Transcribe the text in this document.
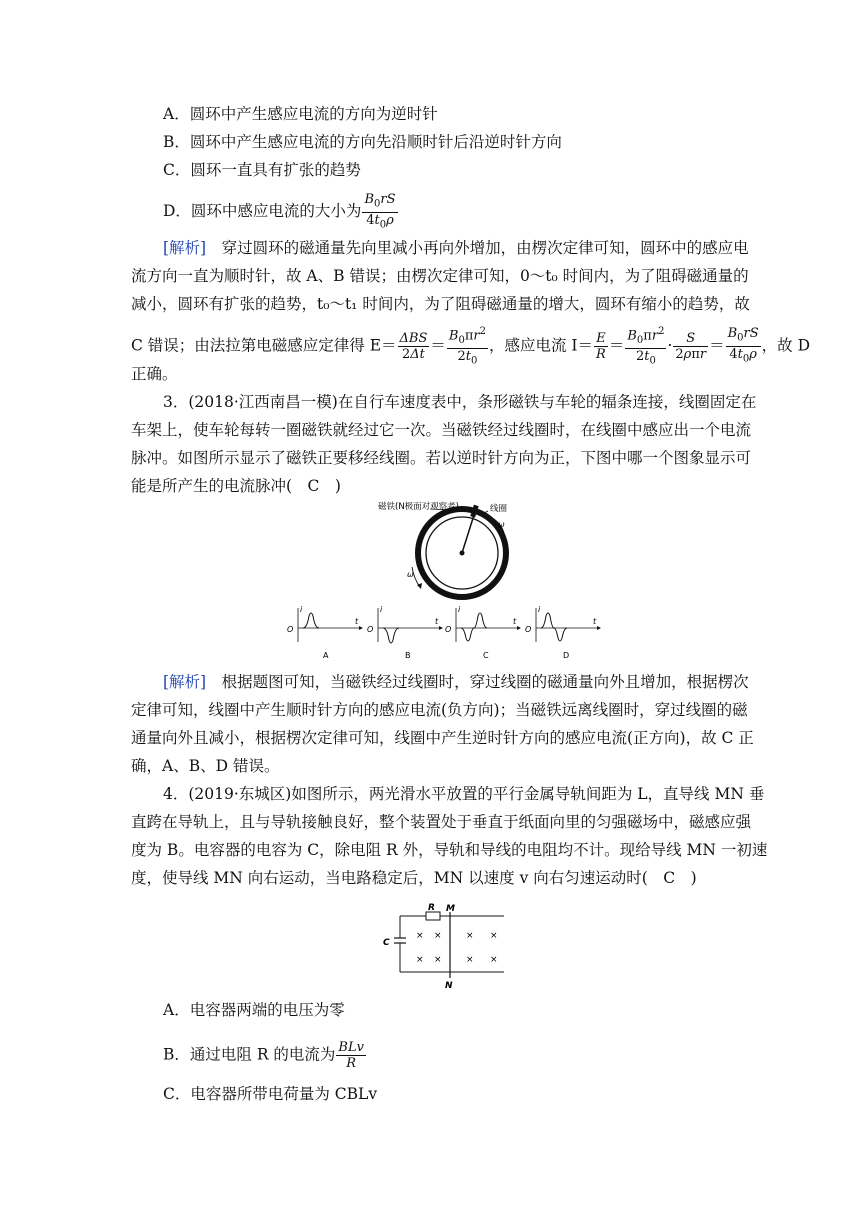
A．圆环中产生感应电流的方向为逆时针
B．圆环中产生感应电流的方向先沿顺时针后沿逆时针方向
C．圆环一直具有扩张的趋势
D．圆环中感应电流的大小为 $\frac{B_0rS}{4t_0\rho}$
[解析]　穿过圆环的磁通量先向里减小再向外增加，由楞次定律可知，圆环中的感应电
流方向一直为顺时针，故 A、B 错误；由楞次定律可知，0～t₀ 时间内，为了阻碍磁通量的
减小，圆环有扩张的趋势，t₀～t₁ 时间内，为了阻碍磁通量的增大，圆环有缩小的趋势，故
C 错误；由法拉第电磁感应定律得 $E= \frac{\text{ΔBS}}{2\Delta t} = \frac{B_0\pi r^2}{2t_0}$ ，感应电流 $I= \frac{E}{R} = \frac{B_0\pi r^2}{2t_0} \cdot \frac{S}{\text{2ρπr}} = \frac{B_0rS}{4t_0\rho}$ ，故 D
正确。
3．(2018·江西南昌一模)在自行车速度表中，条形磁铁与车轮的辐条连接，线圈固定在
车架上，使车轮每转一圈磁铁就经过它一次。当磁铁经过线圈时，在线圈中感应出一个电流
脉冲。如图所示显示了磁铁正要移经线圈。若以逆时针方向为正，下图中哪一个图象显示可
能是所产生的电流脉冲(　C　)
磁铁(N极面对观察者)	线圈
ω
ω
O
i
t
A
O
i
t
B
O
i
t
C
O
i
t
D
[解析]　根据题图可知，当磁铁经过线圈时，穿过线圈的磁通量向外且增加，根据楞次
定律可知，线圈中产生顺时针方向的感应电流(负方向)；当磁铁远离线圈时，穿过线圈的磁
通量向外且减小，根据楞次定律可知，线圈中产生逆时针方向的感应电流(正方向)，故 C 正
确，A、B、D 错误。
4．(2019·东城区)如图所示，两光滑水平放置的平行金属导轨间距为 L，直导线 MN 垂
直跨在导轨上，且与导轨接触良好，整个装置处于垂直于纸面向里的匀强磁场中，磁感应强
度为 B。电容器的电容为 C，除电阻 R 外，导轨和导线的电阻均不计。现给导线 MN 一初速
度，使导线 MN 向右运动，当电路稳定后，MN 以速度 v 向右匀速运动时(　C　)
C
R M
N
× ×	× ×
× ×	× ×
A．电容器两端的电压为零
B．通过电阻 R 的电流为 $\frac{\text{BLv}}{R}$
C．电容器所带电荷量为 CBLv
